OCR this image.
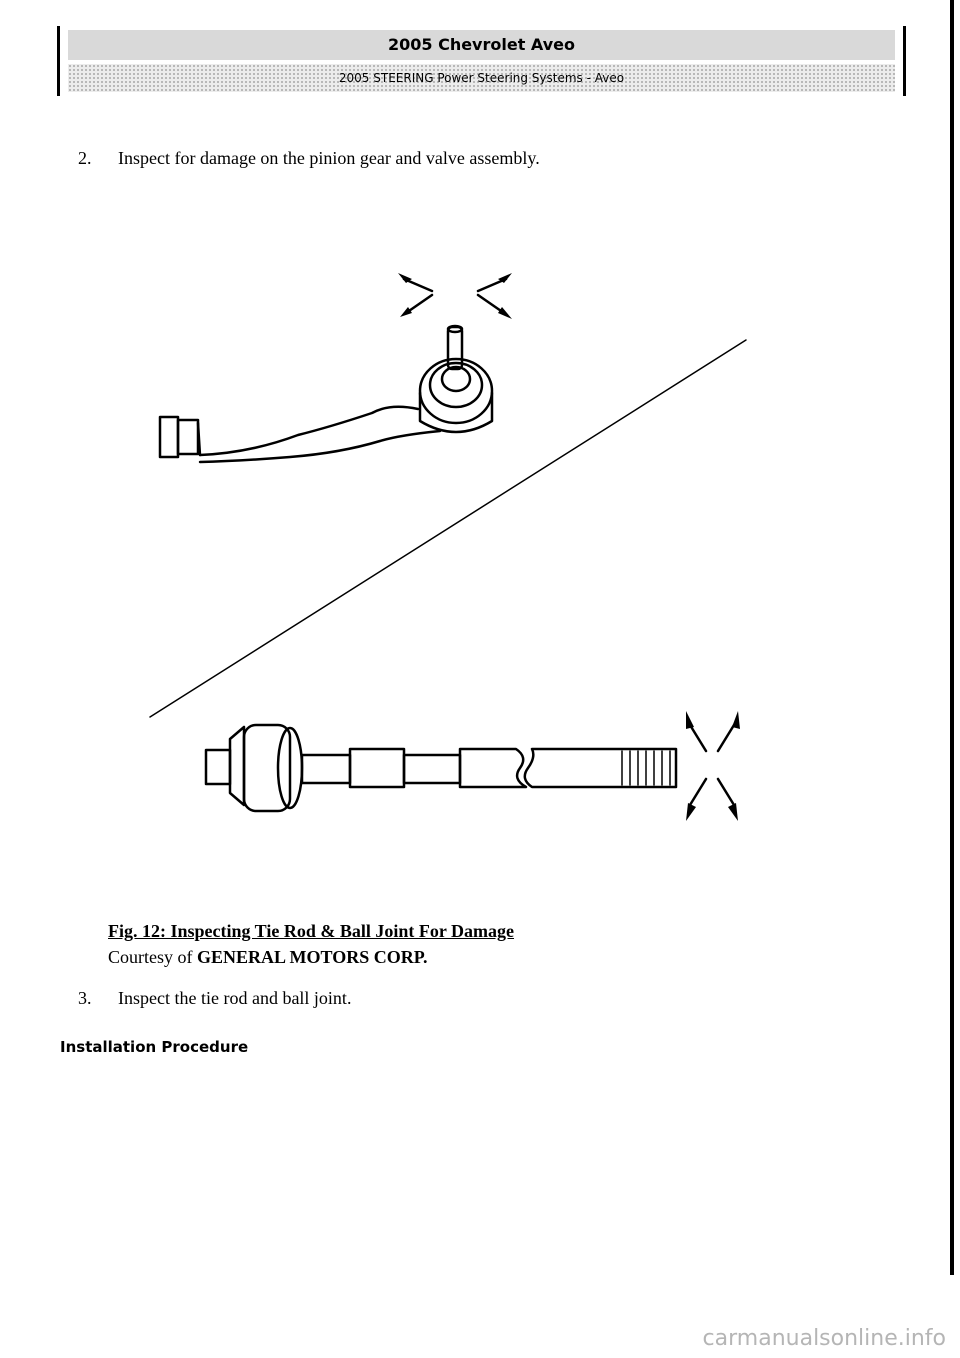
2005 Chevrolet Aveo
2005 STEERING Power Steering Systems - Aveo
2. Inspect for damage on the pinion gear and valve assembly.
Fig. 12: Inspecting Tie Rod & Ball Joint For Damage
Courtesy of GENERAL MOTORS CORP.
3. Inspect the tie rod and ball joint.
Installation Procedure
carmanualsonline.info
